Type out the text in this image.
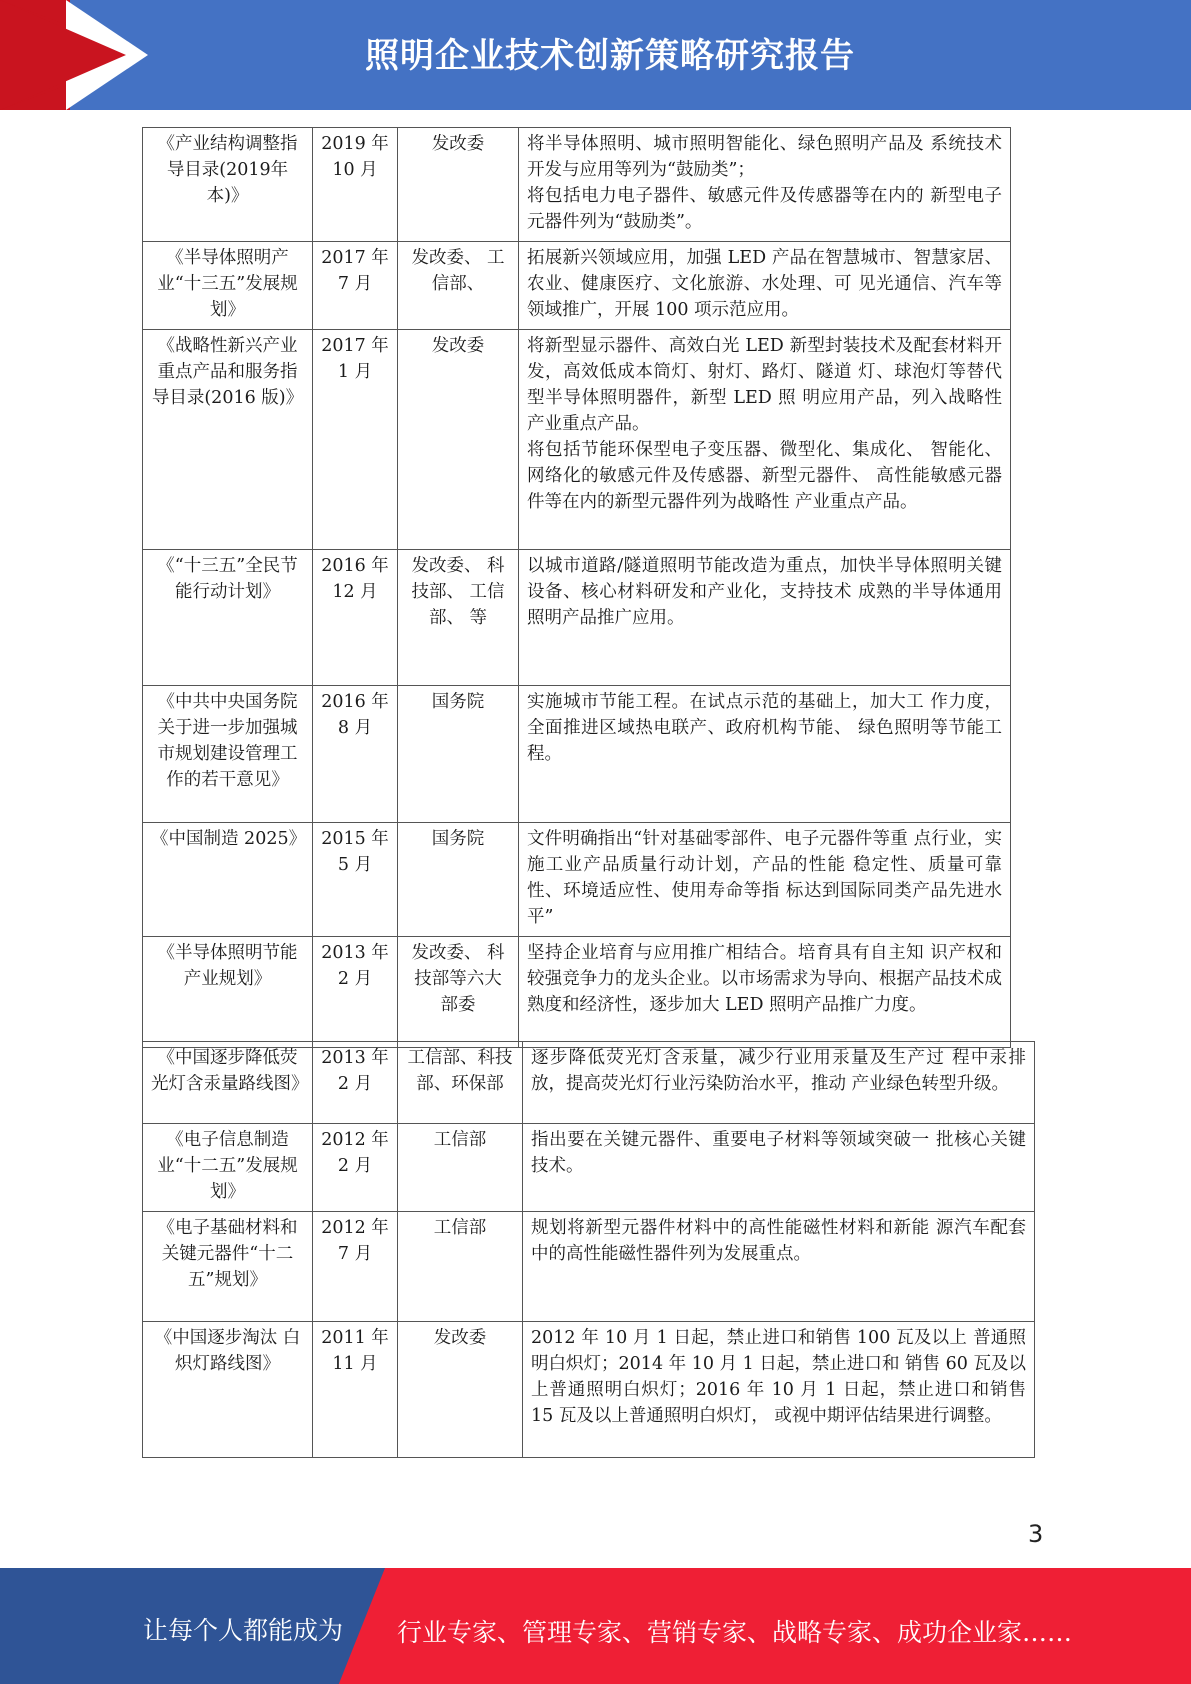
照明企业技术创新策略研究报告
《产业结构调整指导目录(2019年本)》	2019 年 10 月	发改委	将半导体照明、城市照明智能化、绿色照明产品及 系统技术开发与应用等列为“鼓励类”；
将包括电力电子器件、敏感元件及传感器等在内的 新型电子元器件列为“鼓励类”。

《半导体照明产业“十三五”发展规划》	2017 年 7 月	发改委、 工信部、	拓展新兴领域应用，加强 LED 产品在智慧城市、智慧家居、农业、健康医疗、文化旅游、水处理、可 见光通信、汽车等领域推广，开展 100 项示范应用。

《战略性新兴产业重点产品和服务指导目录(2016 版)》	2017 年 1 月	发改委	将新型显示器件、高效白光 LED 新型封装技术及配套材料开发，高效低成本筒灯、射灯、路灯、隧道 灯、球泡灯等替代型半导体照明器件，新型 LED 照 明应用产品，列入战略性产业重点产品。
将包括节能环保型电子变压器、微型化、集成化、 智能化、网络化的敏感元件及传感器、新型元器件、 高性能敏感元器件等在内的新型元器件列为战略性 产业重点产品。

《“十三五”全民节能行动计划》	2016 年 12 月	发改委、 科技部、 工信部、 等	以城市道路/隧道照明节能改造为重点，加快半导体照明关键设备、核心材料研发和产业化，支持技术 成熟的半导体通用照明产品推广应用。

《中共中央国务院关于进一步加强城市规划建设管理工作的若干意见》	2016 年 8 月	国务院	实施城市节能工程。在试点示范的基础上，加大工 作力度，全面推进区域热电联产、政府机构节能、 绿色照明等节能工程。

《中国制造 2025》	2015 年 5 月	国务院	文件明确指出“针对基础零部件、电子元器件等重 点行业，实施工业产品质量行动计划，产品的性能 稳定性、质量可靠性、环境适应性、使用寿命等指 标达到国际同类产品先进水平”

《半导体照明节能产业规划》	2013 年 2 月	发改委、 科技部等六大部委	坚持企业培育与应用推广相结合。培育具有自主知 识产权和较强竞争力的龙头企业。以市场需求为导向、根据产品技术成熟度和经济性，逐步加大 LED 照明产品推广力度。
《中国逐步降低荧光灯含汞量路线图》	2013 年 2 月	工信部、科技部、环保部	逐步降低荧光灯含汞量，减少行业用汞量及生产过 程中汞排放，提高荧光灯行业污染防治水平，推动 产业绿色转型升级。

《电子信息制造业“十二五”发展规划》	2012 年 2 月	工信部	指出要在关键元器件、重要电子材料等领域突破一 批核心关键技术。

《电子基础材料和关键元器件“十二五”规划》	2012 年 7 月	工信部	规划将新型元器件材料中的高性能磁性材料和新能 源汽车配套中的高性能磁性器件列为发展重点。

《中国逐步淘汰 白炽灯路线图》	2011 年 11 月	发改委	2012 年 10 月 1 日起，禁止进口和销售 100 瓦及以上 普通照明白炽灯；2014 年 10 月 1 日起，禁止进口和 销售 60 瓦及以上普通照明白炽灯；2016 年 10 月 1 日起，禁止进口和销售 15 瓦及以上普通照明白炽灯， 或视中期评估结果进行调整。
3
让每个人都能成为 行业专家、管理专家、营销专家、战略专家、成功企业家……
